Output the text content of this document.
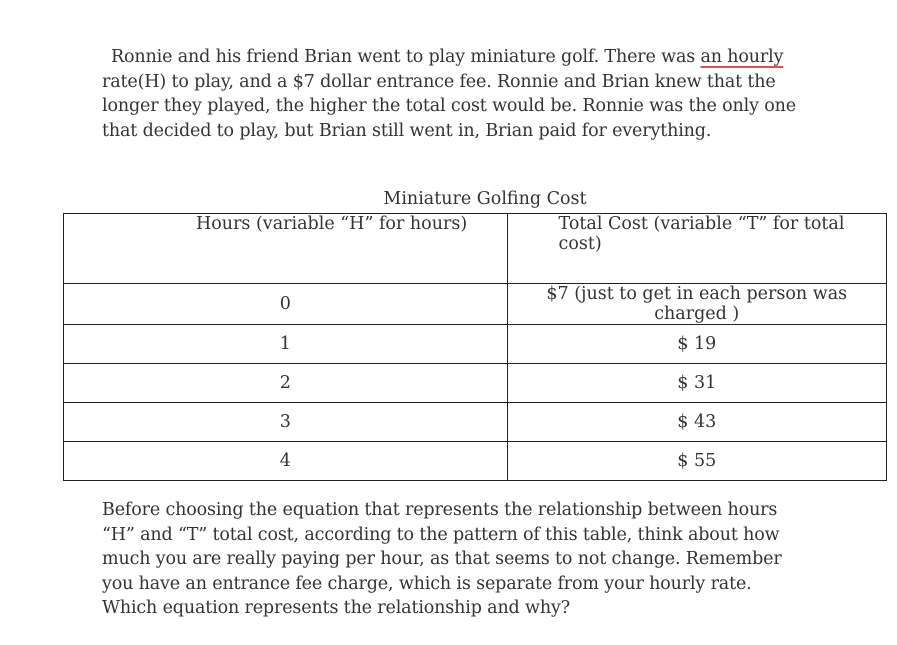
Ronnie and his friend Brian went to play miniature golf. There was an hourly rate(H) to play, and a $7 dollar entrance fee. Ronnie and Brian knew that the longer they played, the higher the total cost would be. Ronnie was the only one that decided to play, but Brian still went in, Brian paid for everything.

Miniature Golfing Cost
Hours (variable “H” for hours)	Total Cost (variable “T” for total cost)
0	$7 (just to get in each person was charged )
1	$ 19
2	$ 31
3	$ 43
4	$ 55

Before choosing the equation that represents the relationship between hours “H” and “T” total cost, according to the pattern of this table, think about how much you are really paying per hour, as that seems to not change. Remember you have an entrance fee charge, which is separate from your hourly rate. Which equation represents the relationship and why?
